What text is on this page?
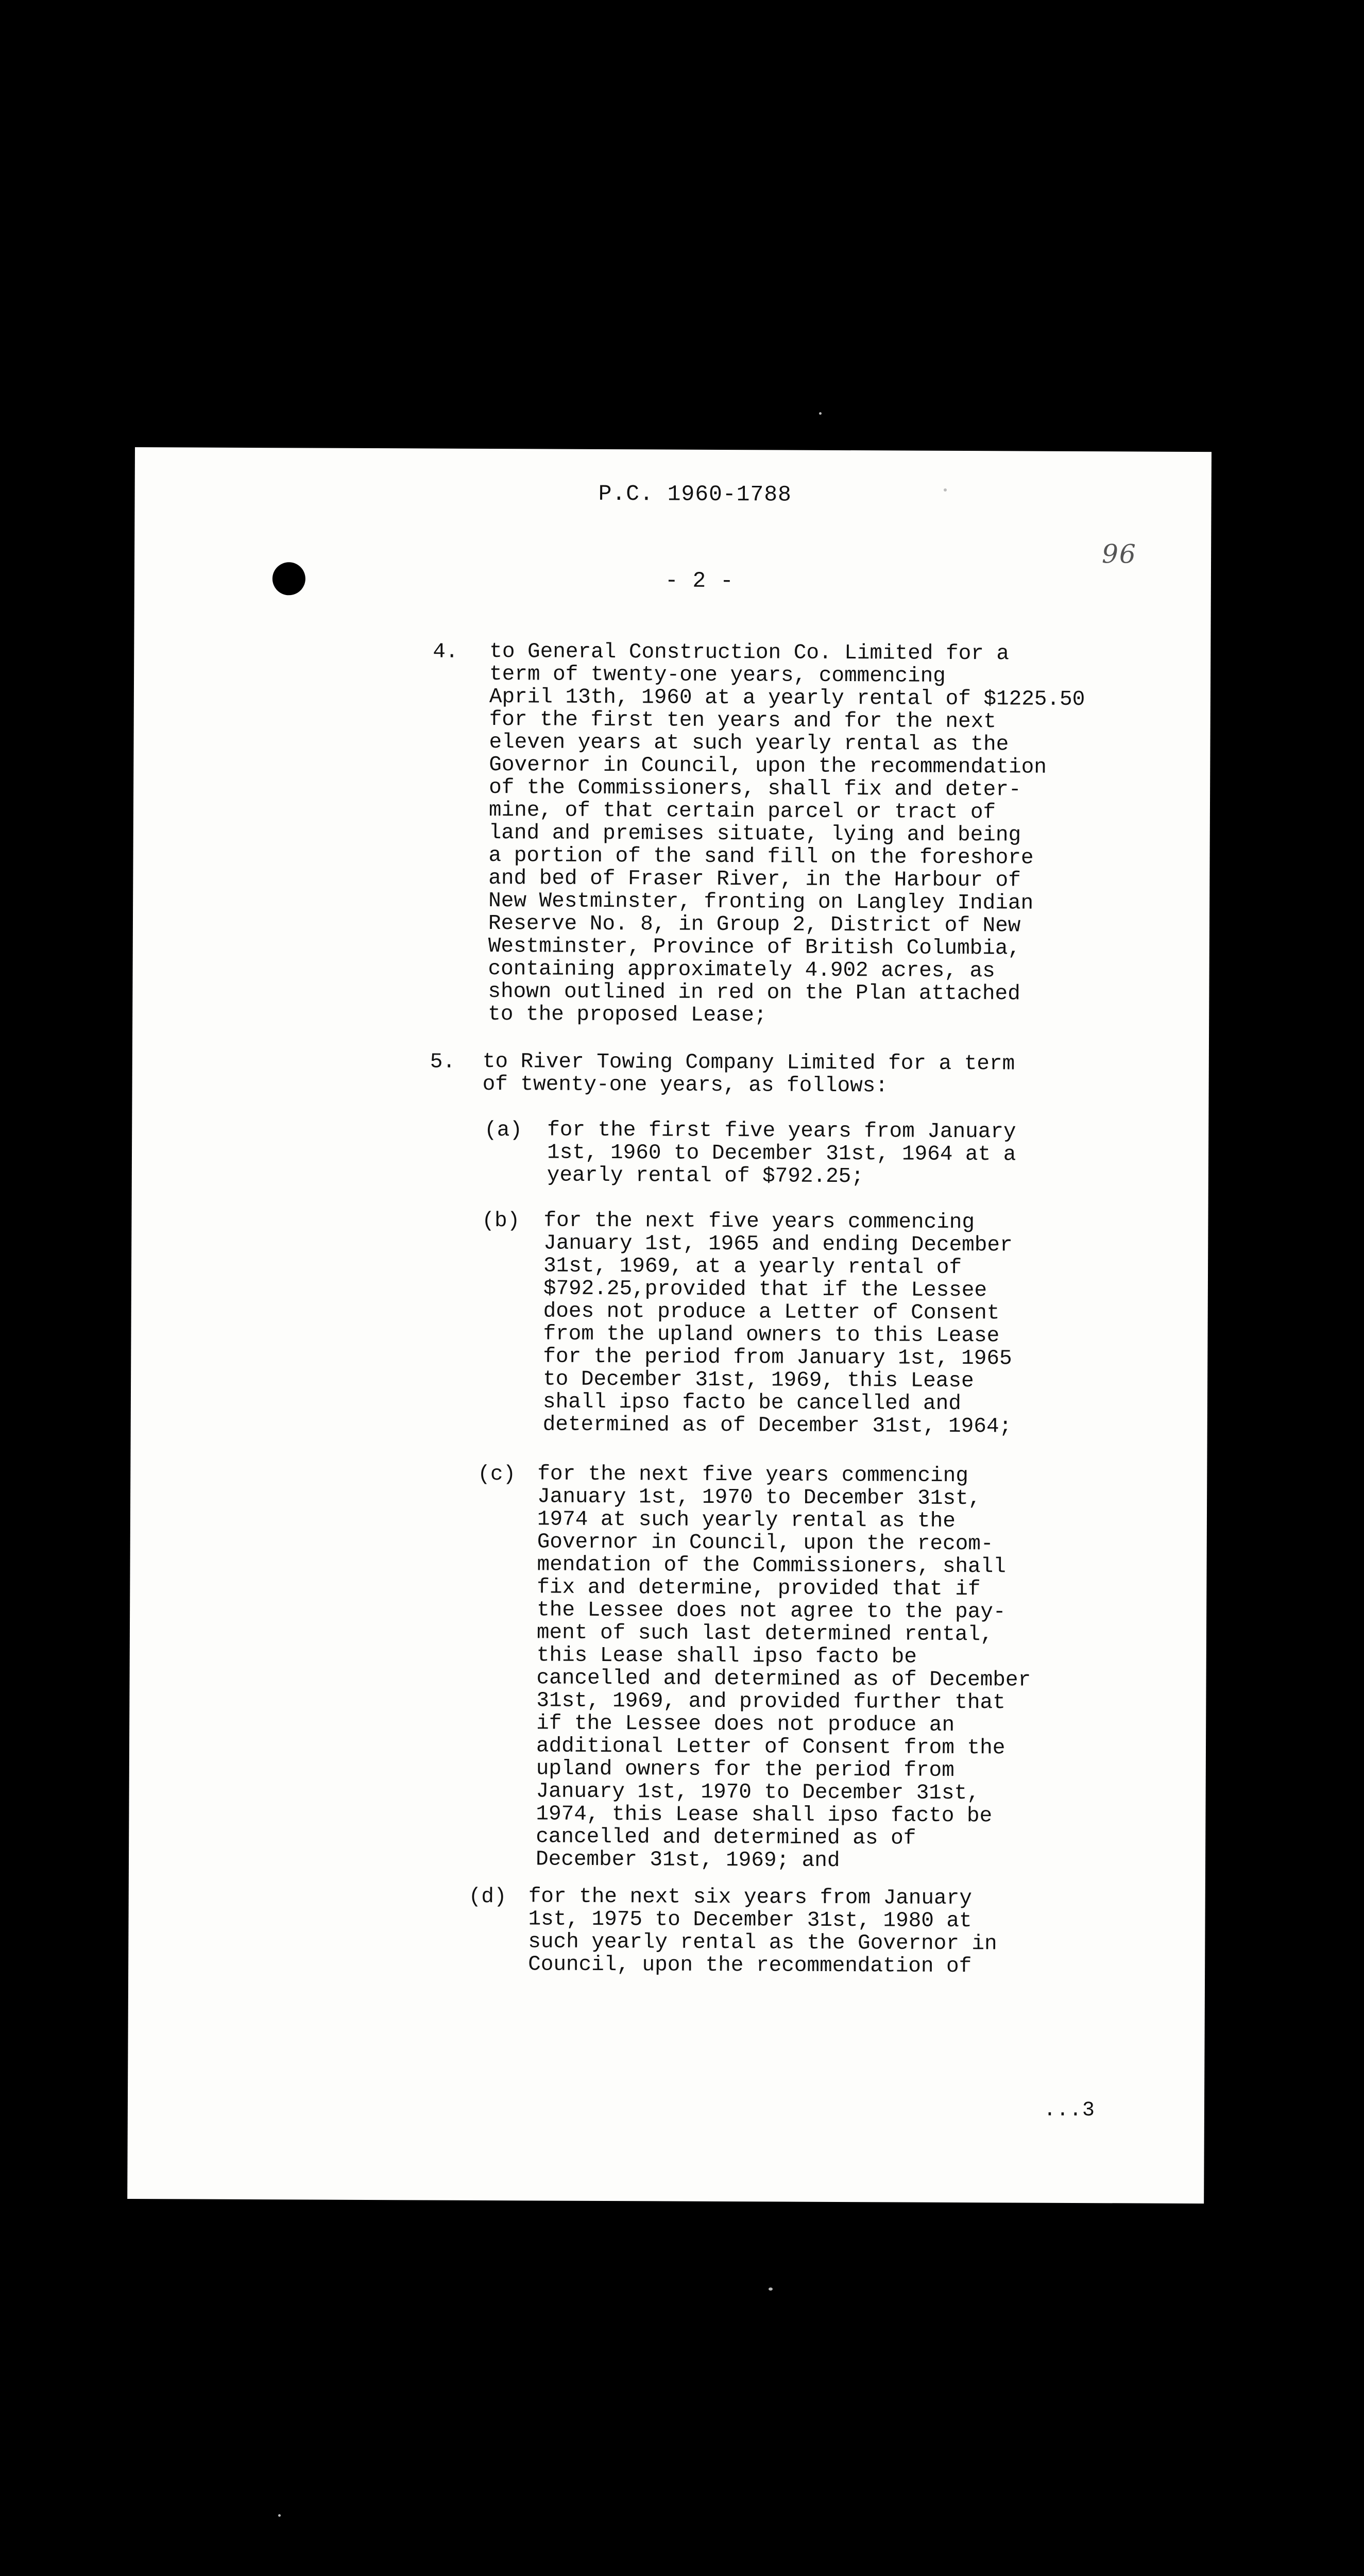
P.C. 1960-1788
96
- 2 -
4. to General Construction Co. Limited for a
term of twenty-one years, commencing
April 13th, 1960 at a yearly rental of $1225.50
for the first ten years and for the next
eleven years at such yearly rental as the
Governor in Council, upon the recommendation
of the Commissioners, shall fix and deter-
mine, of that certain parcel or tract of
land and premises situate, lying and being
a portion of the sand fill on the foreshore
and bed of Fraser River, in the Harbour of
New Westminster, fronting on Langley Indian
Reserve No. 8, in Group 2, District of New
Westminster, Province of British Columbia,
containing approximately 4.902 acres, as
shown outlined in red on the Plan attached
to the proposed Lease;
5. to River Towing Company Limited for a term
of twenty-one years, as follows:
(a) for the first five years from January
1st, 1960 to December 31st, 1964 at a
yearly rental of $792.25;
(b) for the next five years commencing
January 1st, 1965 and ending December
31st, 1969, at a yearly rental of
$792.25,provided that if the Lessee
does not produce a Letter of Consent
from the upland owners to this Lease
for the period from January 1st, 1965
to December 31st, 1969, this Lease
shall ipso facto be cancelled and
determined as of December 31st, 1964;
(c) for the next five years commencing
January 1st, 1970 to December 31st,
1974 at such yearly rental as the
Governor in Council, upon the recom-
mendation of the Commissioners, shall
fix and determine, provided that if
the Lessee does not agree to the pay-
ment of such last determined rental,
this Lease shall ipso facto be
cancelled and determined as of December
31st, 1969, and provided further that
if the Lessee does not produce an
additional Letter of Consent from the
upland owners for the period from
January 1st, 1970 to December 31st,
1974, this Lease shall ipso facto be
cancelled and determined as of
December 31st, 1969; and
(d) for the next six years from January
1st, 1975 to December 31st, 1980 at
such yearly rental as the Governor in
Council, upon the recommendation of
...3
